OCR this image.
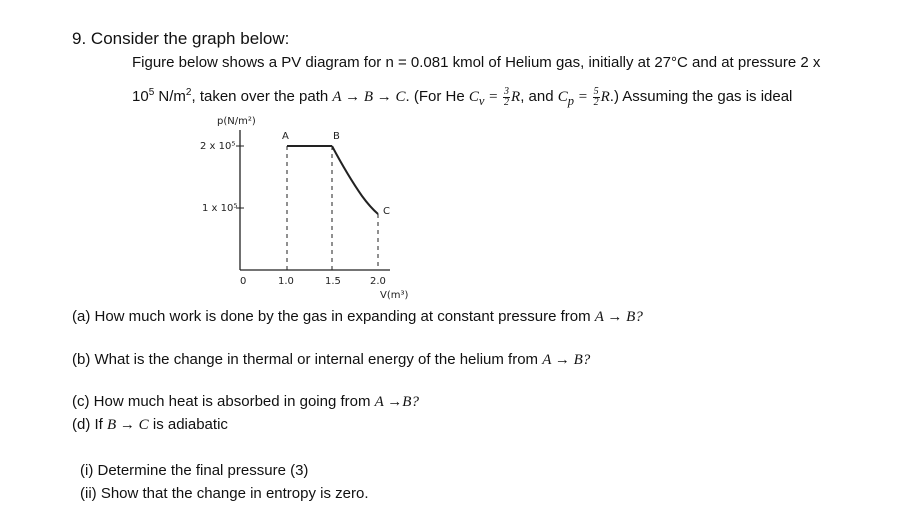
9. Consider the graph below:
Figure below shows a PV diagram for n = 0.081 kmol of Helium gas, initially at 27°C and at pressure 2 x
$10^5$ $N/m^2$, taken over the path A → B → C. (For He $C_v = \frac{3}{2} R$, and $C_p = \frac{5}{2} R$.) Assuming the gas is ideal
p(N/m²)
2 x 10⁵
1 x 10⁵
0	1.0	1.5	2.0
V(m³)
A	B
C
(a) How much work is done by the gas in expanding at constant pressure from A → B?
(b) What is the change in thermal or internal energy of the helium from A → B?
(c) How much heat is absorbed in going from A →B?
(d) If B → C is adiabatic
(i) Determine the final pressure (3)
(ii) Show that the change in entropy is zero.
